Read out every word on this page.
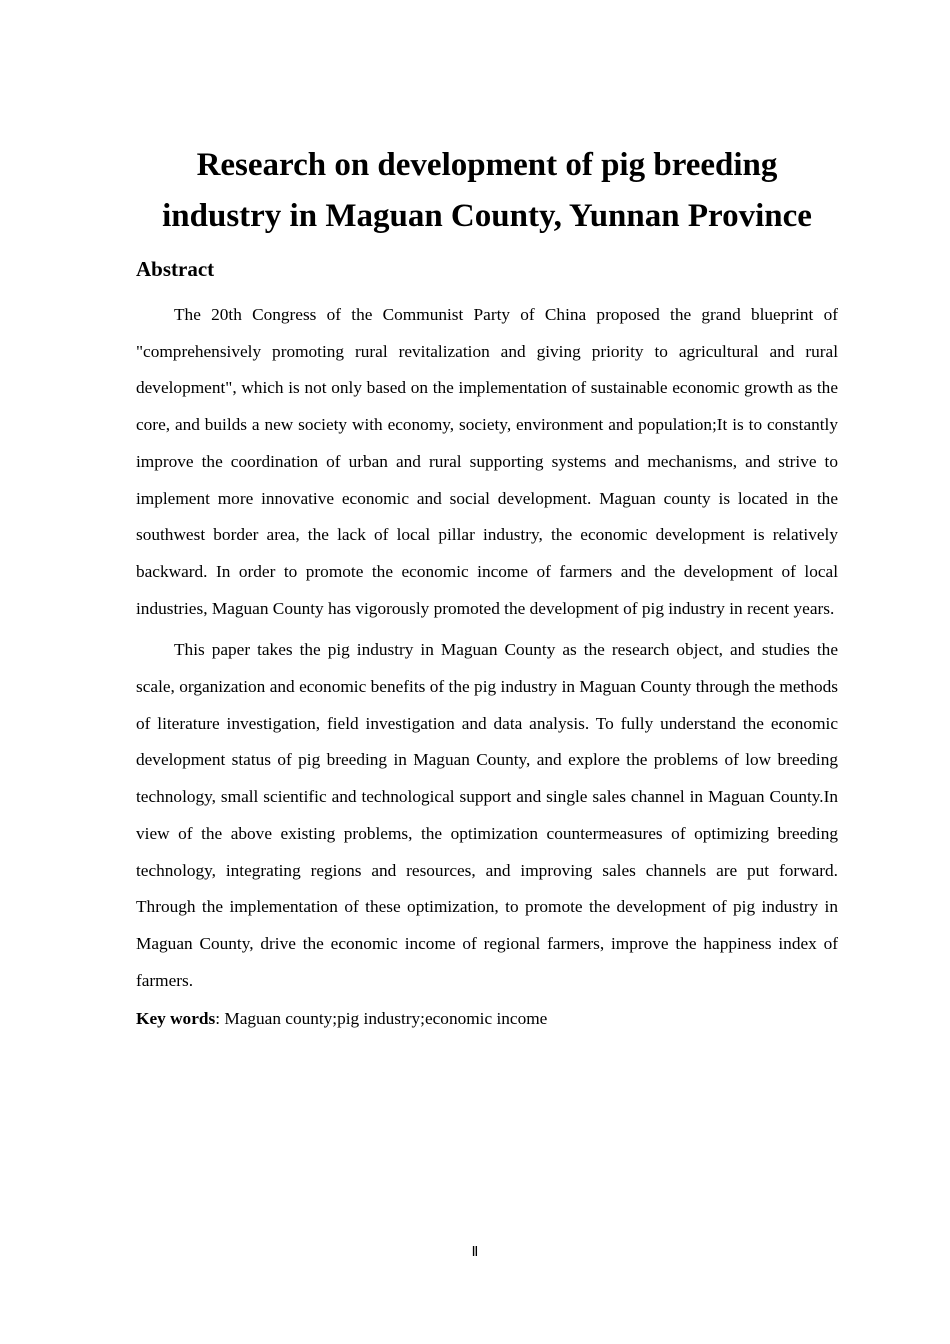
Research on development of pig breeding
industry in Maguan County, Yunnan Province
Abstract

The 20th Congress of the Communist Party of China proposed the grand blueprint of "comprehensively promoting rural revitalization and giving priority to agricultural and rural development", which is not only based on the implementation of sustainable economic growth as the core, and builds a new society with economy, society, environment and population;It is to constantly improve the coordination of urban and rural supporting systems and mechanisms, and strive to implement more innovative economic and social development. Maguan county is located in the southwest border area, the lack of local pillar industry, the economic development is relatively backward. In order to promote the economic income of farmers and the development of local industries, Maguan County has vigorously promoted the development of pig industry in recent years.

This paper takes the pig industry in Maguan County as the research object, and studies the scale, organization and economic benefits of the pig industry in Maguan County through the methods of literature investigation, field investigation and data analysis. To fully understand the economic development status of pig breeding in Maguan County, and explore the problems of low breeding technology, small scientific and technological support and single sales channel in Maguan County.In view of the above existing problems, the optimization countermeasures of optimizing breeding technology, integrating regions and resources, and improving sales channels are put forward. Through the implementation of these optimization, to promote the development of pig industry in Maguan County, drive the economic income of regional farmers, improve the happiness index of farmers.

Key words: Maguan county;pig industry;economic income

Ⅱ
